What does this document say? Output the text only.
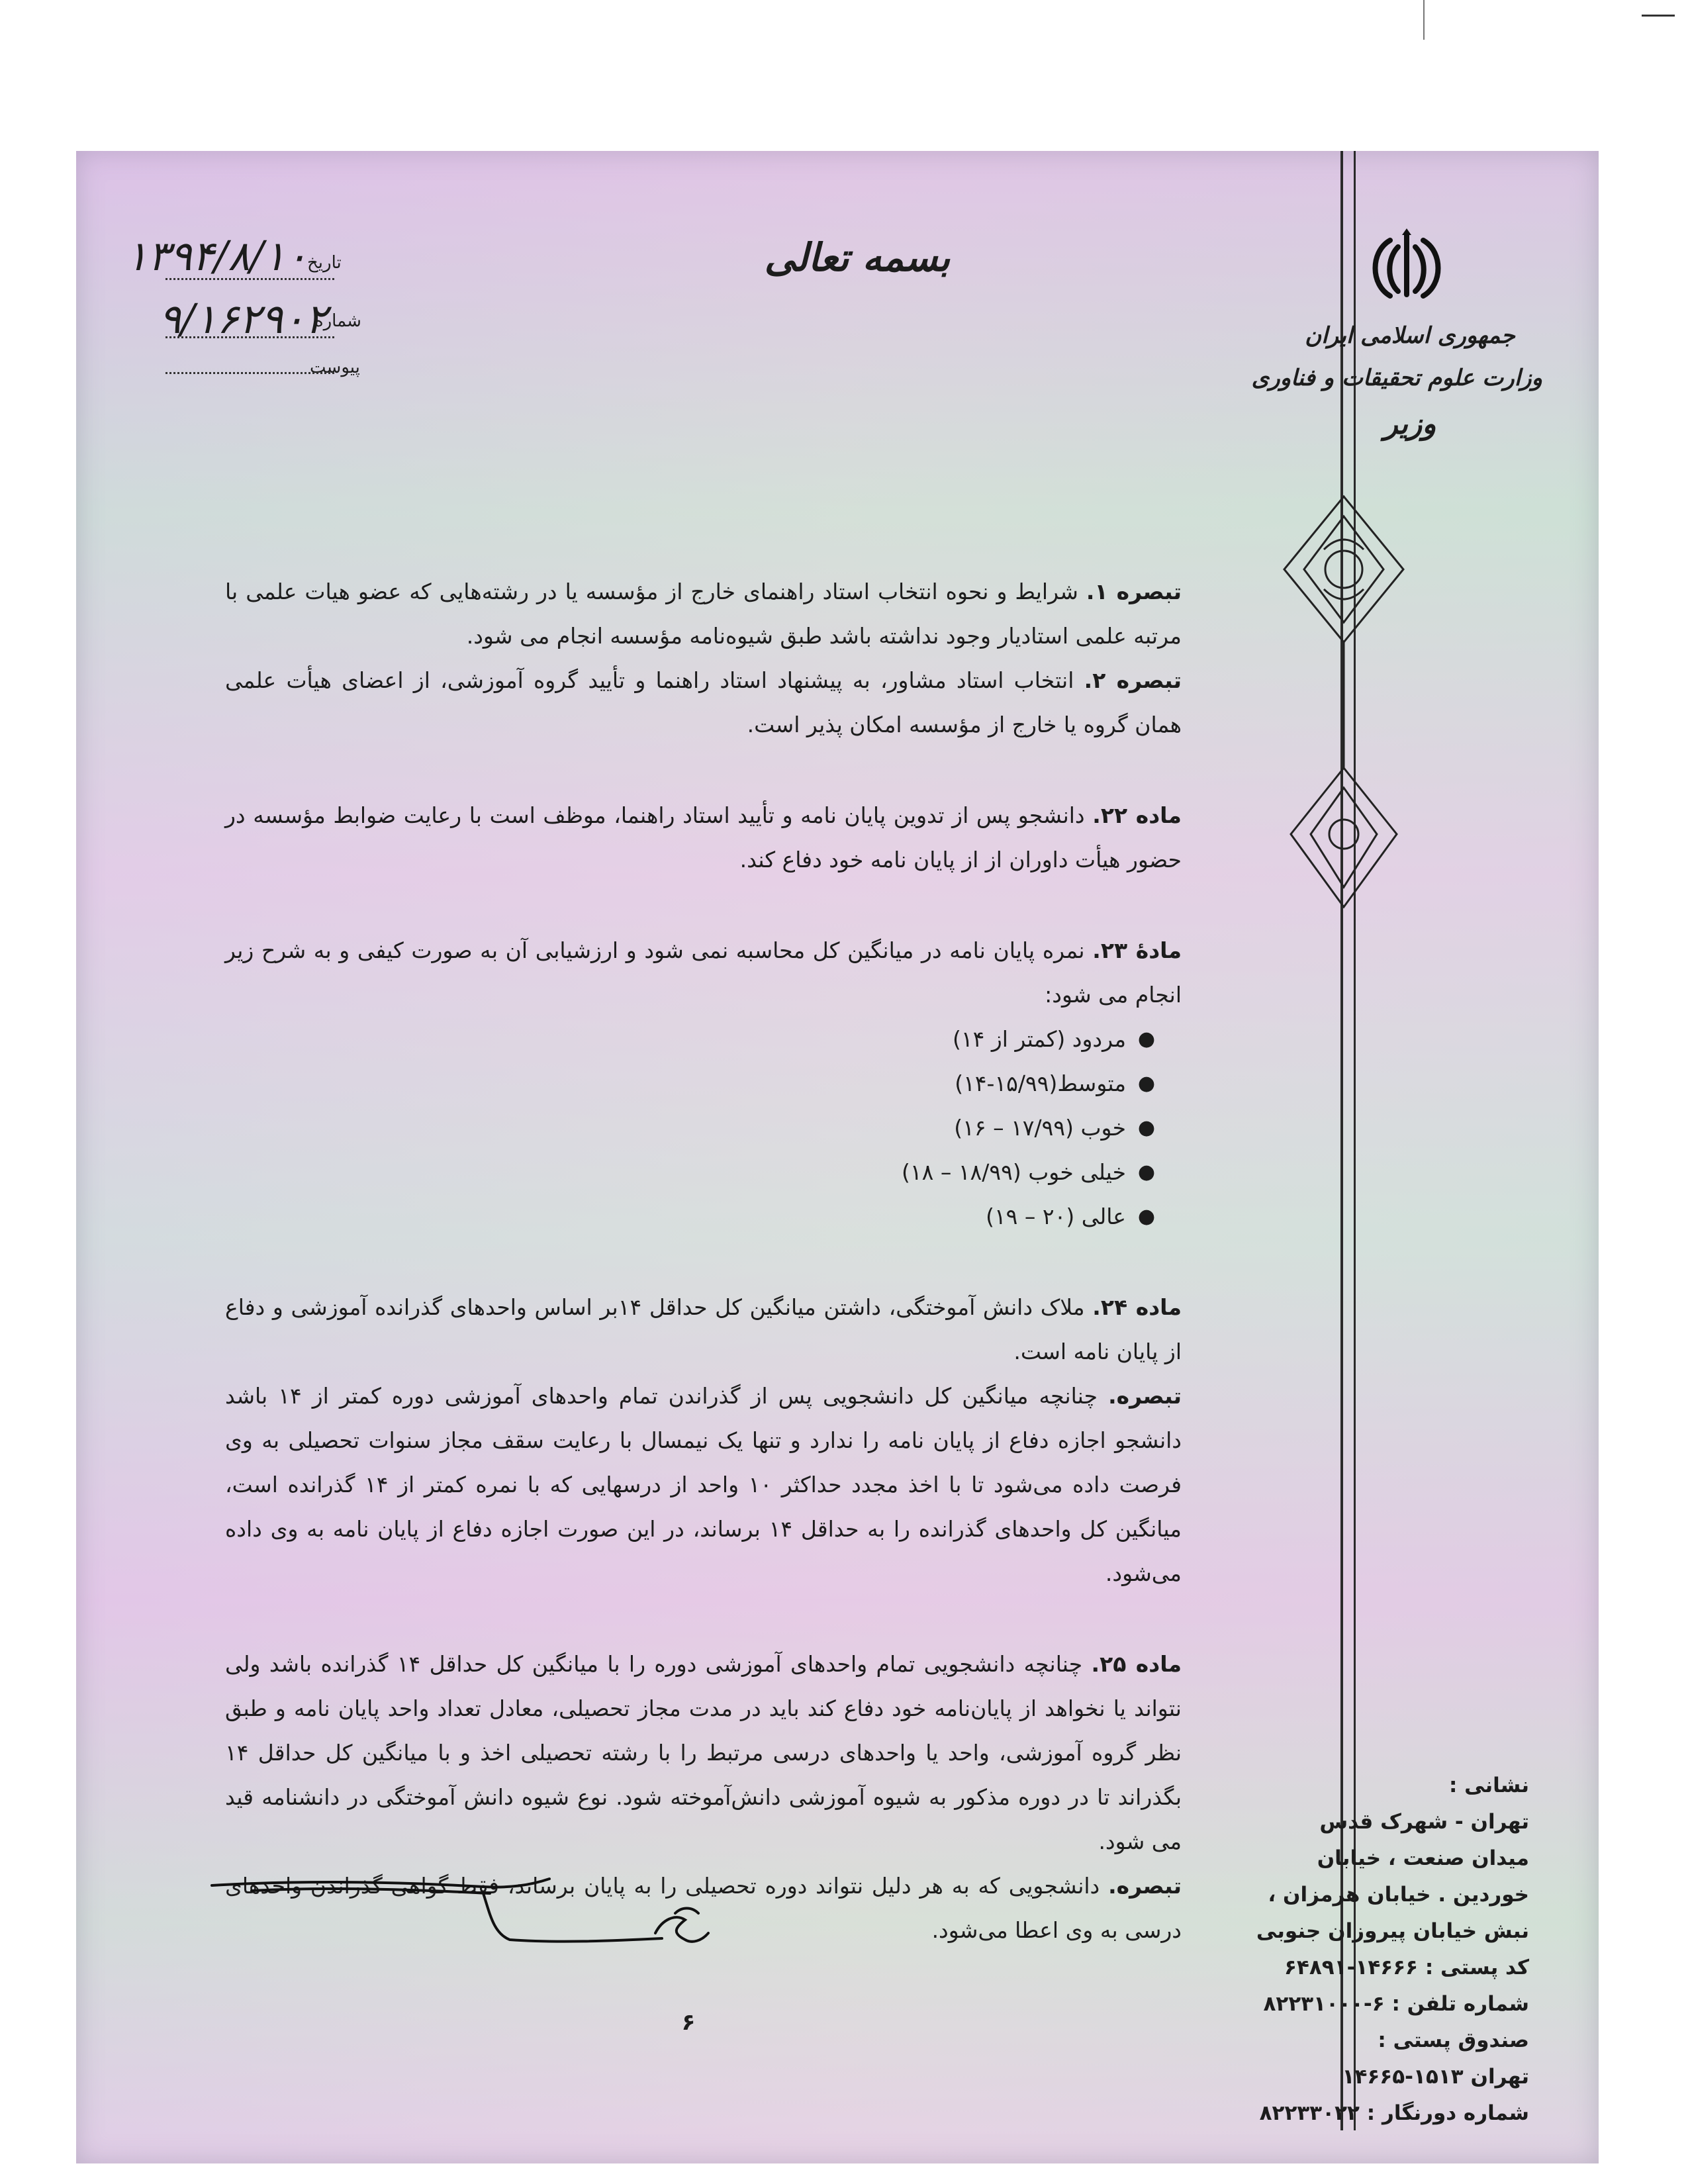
جمهوری اسلامی ایران
وزارت علوم تحقیقات و فناوری
وزیر
بسمه تعالی
تاریخ
۱۳۹۴/۸/۱۰
شماره
۹/۱۶۲۹۰۲
پیوست

تبصره ۱. شرایط و نحوه انتخاب استاد راهنمای خارج از مؤسسه یا در رشته‌هایی که عضو هیات علمی با مرتبه علمی استادیار وجود نداشته باشد طبق شیوه‌نامه مؤسسه انجام می شود.

تبصره ۲. انتخاب استاد مشاور، به پیشنهاد استاد راهنما و تأیید گروه آموزشی، از اعضای هیأت علمی همان گروه یا خارج از مؤسسه امکان پذیر است.

ماده ۲۲. دانشجو پس از تدوین پایان نامه و تأیید استاد راهنما، موظف است با رعایت ضوابط مؤسسه در حضور هیأت داوران از از پایان نامه خود دفاع کند.

مادهٔ ۲۳. نمره پایان نامه در میانگین کل محاسبه نمی شود و ارزشیابی آن به صورت کیفی و به شرح زیر انجام می شود:

●
مردود (کمتر از ۱۴)
●
متوسط(۱۵/۹۹-۱۴)
●
خوب (۱۷/۹۹ – ۱۶)
●
خیلی خوب (۱۸/۹۹ – ۱۸)
●
عالی (۲۰ – ۱۹)

ماده ۲۴. ملاک دانش آموختگی، داشتن میانگین کل حداقل ۱۴بر اساس واحدهای گذرانده آموزشی و دفاع از پایان نامه است.

تبصره. چنانچه میانگین کل دانشجویی پس از گذراندن تمام واحدهای آموزشی دوره کمتر از ۱۴ باشد دانشجو اجازه دفاع از پایان نامه را ندارد و تنها یک نیمسال با رعایت سقف مجاز سنوات تحصیلی به وی فرصت داده می‌شود تا با اخذ مجدد حداکثر ۱۰ واحد از درسهایی که با نمره کمتر از ۱۴ گذرانده است، میانگین کل واحدهای گذرانده را به حداقل ۱۴ برساند، در این صورت اجازه دفاع از پایان نامه به وی داده می‌شود.

ماده ۲۵. چنانچه دانشجویی تمام واحدهای آموزشی دوره را با میانگین کل حداقل ۱۴ گذرانده باشد ولی نتواند یا نخواهد از پایان‌نامه خود دفاع کند باید در مدت مجاز تحصیلی، معادل تعداد واحد پایان نامه و طبق نظر گروه آموزشی، واحد یا واحدهای درسی مرتبط را با رشته تحصیلی اخذ و با میانگین کل حداقل ۱۴ بگذراند تا در دوره مذکور به شیوه آموزشی دانش‌آموخته شود. نوع شیوه دانش آموختگی در دانشنامه قید می شود.

تبصره. دانشجویی که به هر دلیل نتواند دوره تحصیلی را به پایان برساند، فقط گواهی گذراندن واحدهای درسی به وی اعطا می‌شود.

نشانی :
تهران - شهرک قدس
میدان صنعت ، خیابان
خوردین . خیابان هرمزان ،
نبش خیابان پیروزان جنوبی
کد پستی : ۱۴۶۶۶-۶۴۸۹۱
شماره تلفن : ۶-۸۲۲۳۱۰۰۰
صندوق پستی :
تهران ۱۵۱۳-۱۴۶۶۵
شماره دورنگار : ۸۲۲۳۳۰۲۲
۶
